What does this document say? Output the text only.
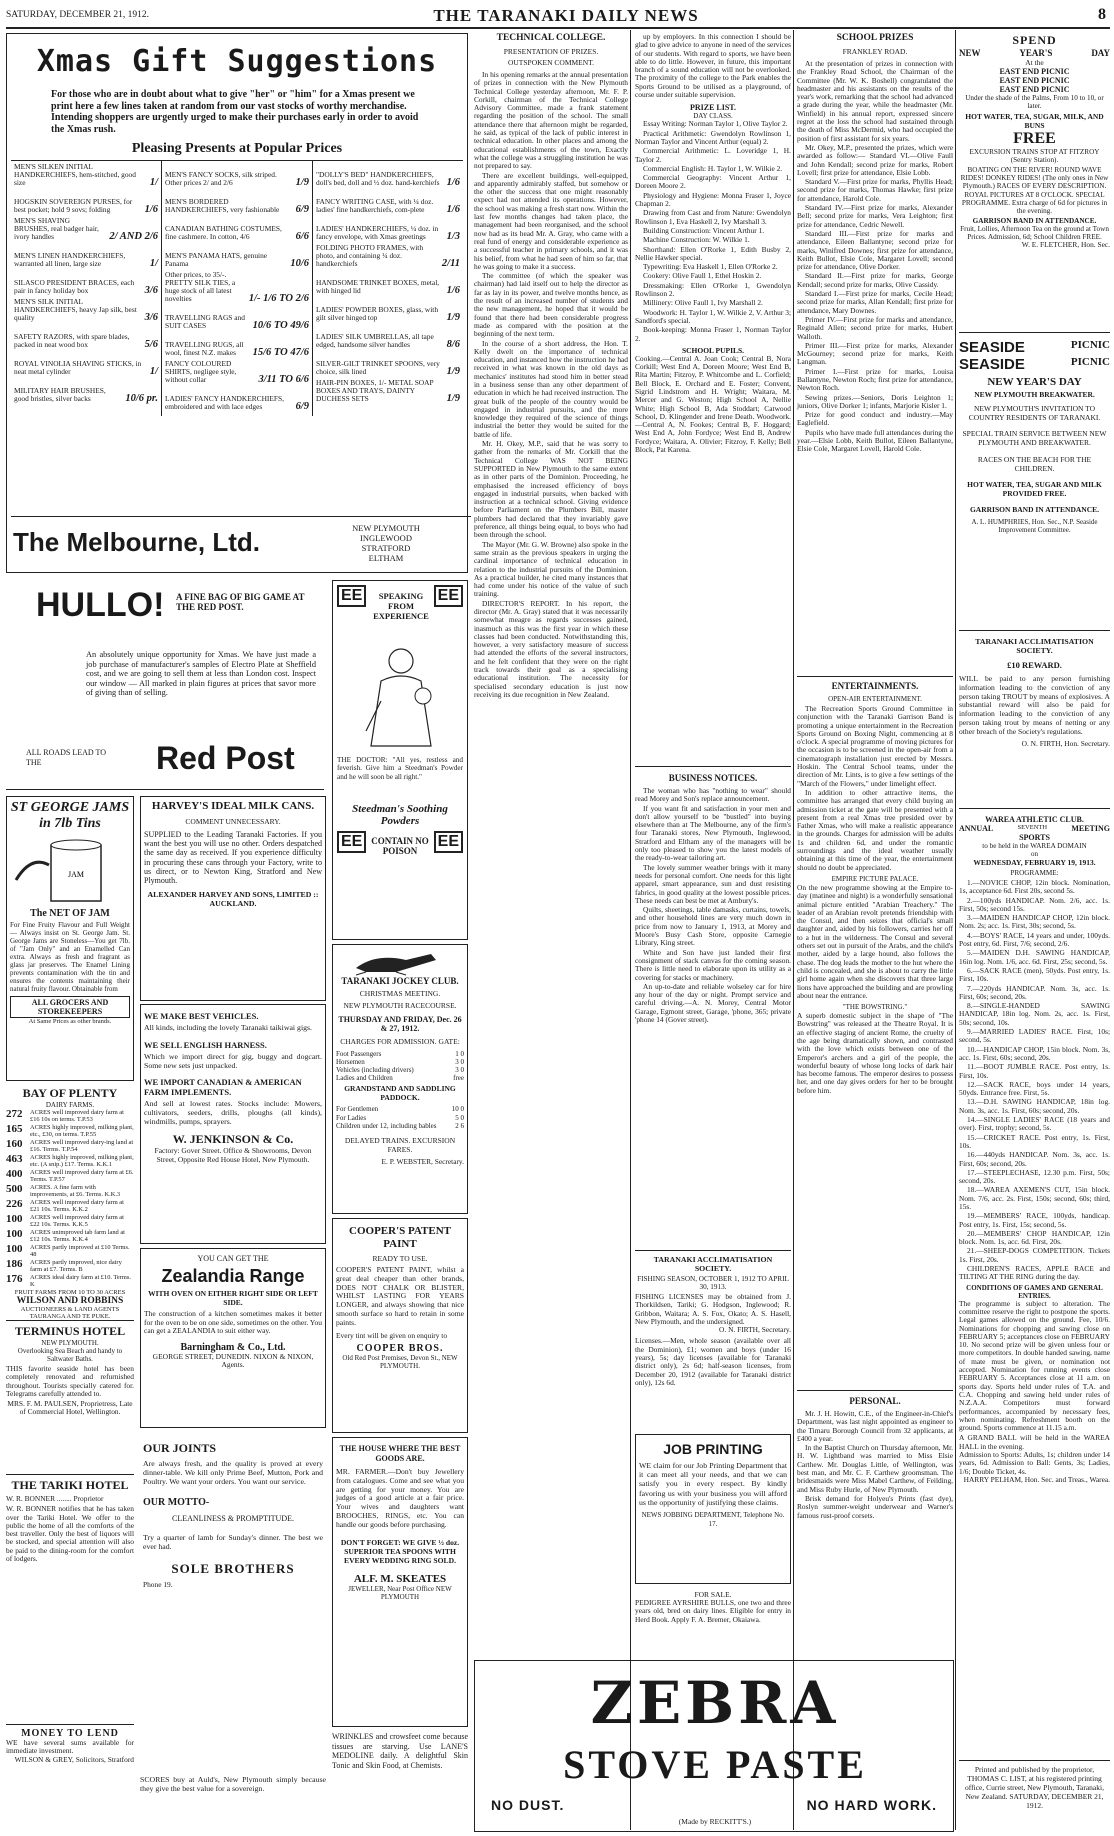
SATURDAY, DECEMBER 21, 1912.	THE TARANAKI DAILY NEWS	8
Xmas Gift Suggestions
For those who are in doubt about what to give "her" or "him" for a Xmas present we print here a few lines taken at random from our vast stocks of worthy merchandise. Intending shoppers are urgently urged to make their purchases early in order to avoid the Xmas rush.
Pleasing Presents at Popular Prices
MEN'S SILKEN INITIAL HANDKERCHIEFS, hem-stitched, good size	1/
HOGSKIN SOVEREIGN PURSES, for best pocket; hold 9 sovs; folding	1/6
MEN'S SHAVING BRUSHES, real badger hair, ivory handles	2/ AND 2/6
MEN'S LINEN HANDKERCHIEFS, warranted all linen, large size	1/
SILASCO PRESIDENT BRACES, each pair in fancy holiday box	3/6
MEN'S SILK INITIAL HANDKERCHIEFS, heavy Jap silk, best quality	3/6
SAFETY RAZORS, with spare blades, packed in neat wood box	5/6
ROYAL VINOLIA SHAVING STICKS, in neat metal cylinder	1/
MILITARY HAIR BRUSHES, good bristles, silver backs	10/6 pr.
MEN'S FANCY SOCKS, silk striped. Other prices 2/ and 2/6	1/9
MEN'S BORDERED HANDKERCHIEFS, very fashionable	6/9
CANADIAN BATHING COSTUMES, fine cashmere. In cotton, 4/6	6/6
MEN'S PANAMA HATS, genuine Panama	10/6
Other prices, to 35/-. PRETTY SILK TIES, a huge stock of all latest novelties	1/- 1/6 TO 2/6
TRAVELLING RAGS and SUIT CASES	10/6 TO 49/6
TRAVELLING RUGS, all wool, finest N.Z. makes	15/6 TO 47/6
FANCY COLOURED SHIRTS, negligee style, without collar	3/11 TO 6/6
LADIES' FANCY HANDKERCHIEFS, embroidered and with lace edges	6/9
"DOLLY'S BED" HANDKERCHIEFS, doll's bed, doll and ½ doz. hand-kerchiefs 1/6
FANCY WRITING CASE, with ¼ doz. ladies' fine handkerchiefs, com-plete	1/6
LADIES' HANDKERCHIEFS, ¼ doz. in fancy envelope, with Xmas greetings	1/3
FOLDING PHOTO FRAMES, with photo, and containing ¼ doz. handkerchiefs	2/11
HANDSOME TRINKET BOXES, metal, with hinged lid	1/6
LADIES' POWDER BOXES, glass, with gilt silver hinged top	1/9
LADIES' SILK UMBRELLAS, all tape edged, handsome silver handles	8/6
SILVER-GILT TRINKET SPOONS, very choice, silk lined	1/9
HAIR-PIN BOXES, 1/- METAL SOAP BOXES AND TRAYS, DAINTY DUCHESS SETS	1/9
The Melbourne, Ltd.	NEW PLYMOUTH
INGLEWOOD
STRATFORD
ELTHAM
HULLO! A FINE BAG OF BIG GAME AT THE RED POST.
An absolutely unique opportunity for Xmas. We have just made a job purchase of manufacturer's samples of Electro Plate at Sheffield cost, and we are going to sell them at less than London cost. Inspect our window — All marked in plain figures at prices that savor more of giving than of selling.
ALL ROADS LEAD TO THE	Red Post
ST GEORGE JAMS in 7lb Tins
JAM
The NET OF JAM
For Fine Fruity Flavour and Full Weight — Always insist on St. George Jam. St. George Jams are Stoneless—You get 7lb. of "Jam Only" and an Enamelled Can extra. Always as fresh and fragrant as glass jar preserves. The Enamel Lining prevents contamination with the tin and ensures the contents maintaining their natural fruity flavour. Obtainable from
ALL GROCERS AND STOREKEEPERS
At Same Prices as other brands.
BAY OF PLENTY
DAIRY FARMS.
272	ACRES well improved dairy farm at £16 10s on terms. T.P.53
165	ACRES highly improved, milking plant, etc., £30, on terms. T.P.55
160	ACRES well improved dairy-ing land at £16. Terms. T.P.54
463	ACRES highly improved, milking plant, etc. (A snip.) £17. Terms. K.K.1
400	ACRES well improved dairy farm at £6. Terms. T.P.57
500	ACRES. A fine farm with improvements, at £6. Terms. K.K.3
226	ACRES well improved dairy farm at £21 10s. Terms. K.K.2
100	ACRES well improved dairy farm at £22 10s. Terms. K.K.5
100	ACRES unimproved tab farm land at £12 10s. Terms. K.K.4
100	ACRES partly improved at £10 Terms. 48
186	ACRES partly improved, nice dairy farm at £7. Terms. B
176	ACRES ideal dairy farm at £10. Terms. K
FRUIT FARMS FROM 10 TO 30 ACRES
WILSON AND ROBBINS
AUCTIONEERS & LAND AGENTS TAURANGA AND TE PUKE.
TERMINUS HOTEL
NEW PLYMOUTH.
Overlooking Sea Beach and handy to Saltwater Baths.
THIS favorite seaside hotel has been completely renovated and refurnished throughout. Tourists specially catered for. Telegrams carefully attended to.
MRS. F. M. PAULSEN, Proprietress, Late of Commercial Hotel, Wellington.
THE TARIKI HOTEL
W. R. BONNER ........ Proprietor
W. R. BONNER notifies that he has taken over the Tariki Hotel. We offer to the public the home of all the comforts of the best traveller. Only the best of liquors will be stocked, and special attention will also be paid to the dining-room for the comfort of lodgers.
MONEY TO LEND
WE have several sums available for immediate investment.
WILSON & GREY, Solicitors, Stratford
HARVEY'S IDEAL MILK CANS.
COMMENT UNNECESSARY.
SUPPLIED to the Leading Taranaki Factories. If you want the best you will use no other. Orders despatched the same day as received. If you experience difficulty in procuring these cans through your Factory, write to us direct, or to Newton King, Stratford and New Plymouth.
ALEXANDER HARVEY AND SONS, LIMITED :: AUCKLAND.
WE MAKE BEST VEHICLES.
All kinds, including the lovely Taranaki taikiwai gigs.
WE SELL ENGLISH HARNESS.
Which we import direct for gig, buggy and dogcart. Some new sets just unpacked.
WE IMPORT CANADIAN & AMERICAN FARM IMPLEMENTS.
And sell at lowest rates. Stocks include: Mowers, cultivators, seeders, drills, ploughs (all kinds), windmills, pumps, sprayers.
W. JENKINSON & Co.
Factory: Gover Street. Office & Showrooms, Devon Street, Opposite Red House Hotel, New Plymouth.
YOU CAN GET THE
Zealandia Range
WITH OVEN ON EITHER RIGHT SIDE OR LEFT SIDE.
The construction of a kitchen sometimes makes it better for the oven to be on one side, sometimes on the other. You can get a ZEALANDIA to suit either way.
Barningham & Co., Ltd.
GEORGE STREET, DUNEDIN. NIXON & NIXON, Agents.
OUR JOINTS
Are always fresh, and the quality is proved at every dinner-table. We kill only Prime Beef, Mutton, Pork and Poultry. We want your orders. You want our service.
OUR MOTTO-
CLEANLINESS & PROMPTITUDE.
Try a quarter of lamb for Sunday's dinner. The best we ever had.
SOLE BROTHERS
Phone 19.
SCORES buy at Auld's, New Plymouth simply because they give the best value for a sovereign.
EE	EE
SPEAKING FROM EXPERIENCE
THE DOCTOR: "All yes, restless and feverish. Give him a Steedman's Powder and he will soon be all right."
Steedman's Soothing Powders
CONTAIN NO POISON
EE	EE
TARANAKI JOCKEY CLUB.
CHRISTMAS MEETING.
NEW PLYMOUTH RACECOURSE.
THURSDAY AND FRIDAY, Dec. 26 & 27, 1912.
CHARGES FOR ADMISSION. GATE:
Foot Passengers	1 0
Horsemen	3 0
Vehicles (including drivers)	3 0
Ladies and Children	free
GRANDSTAND AND SADDLING PADDOCK.
For Gentlemen	10 0
For Ladies	5 0
Children under 12, including bables	2 6
DELAYED TRAINS. EXCURSION FARES.
E. P. WEBSTER, Secretary.
COOPER'S PATENT PAINT
READY TO USE.
COOPER'S PATENT PAINT, whilst a great deal cheaper than other brands, DOES NOT CHALK OR BLISTER, WHILST LASTING FOR YEARS LONGER, and always showing that nice smooth surface so hard to retain in some paints.
Every tint will be given on enquiry to
COOPER BROS.
Old Red Post Premises, Devon St., NEW PLYMOUTH.
THE HOUSE WHERE THE BEST GOODS ARE.
MR. FARMER.—Don't buy Jewellery from catalogues. Come and see what you are getting for your money. You are judges of a good article at a fair price. Your wives and daughters want BROOCHES, RINGS, etc. You can handle our goods before purchasing.
DON'T FORGET: WE GIVE ½ doz. SUPERIOR TEA SPOONS WITH EVERY WEDDING RING SOLD.
ALF. M. SKEATES
JEWELLER, Near Post Office NEW PLYMOUTH
WRINKLES and crowsfeet come because tissues are starving. Use LANE'S MEDOLINE daily. A delightful Skin Tonic and Skin Food, at Chemists.
TECHNICAL COLLEGE.
PRESENTATION OF PRIZES.
OUTSPOKEN COMMENT.

In his opening remarks at the annual presentation of prizes in connection with the New Plymouth Technical College yesterday afternoon, Mr. F. P. Corkill, chairman of the Technical College Advisory Committee, made a frank statement regarding the position of the school. The small attendance there that afternoon might be regarded, he said, as typical of the lack of public interest in technical education. In other places and among the educational establishments of the town, Exactly what the college was a struggling institution he was not prepared to say.

There are excellent buildings, well-equipped, and apparently admirably staffed, but somehow or the other the success that one might reasonably expect had not attended its operations. However, the school was making a fresh start now. Within the last few months changes had taken place, the management had been reorganised, and the school now had as its head Mr. A. Gray, who came with a real fund of energy and considerable experience as a successful teacher in primary schools, and it was his belief, from what he had seen of him so far, that he was going to make it a success.

The committee (of which the speaker was chairman) had laid itself out to help the director as far as lay in its power, and twelve months hence, as the result of an increased number of students and the new management, he hoped that it would be found that there had been considerable progress made as compared with the position at the beginning of the next term.

In the course of a short address, the Hon. T. Kelly dwelt on the importance of technical education, and instanced how the instruction he had received in what was known in the old days as mechanics' institutes had stood him in better stead in a business sense than any other department of education in which he had received instruction. The great bulk of the people of the country would be engaged in industrial pursuits, and the more knowledge they required of the science of things industrial the better they would be suited for the battle of life.

Mr. H. Okey, M.P., said that he was sorry to gather from the remarks of Mr. Corkill that the Technical College WAS NOT BEING SUPPORTED in New Plymouth to the same extent as in other parts of the Dominion. Proceeding, he emphasised the increased efficiency of boys engaged in industrial pursuits, when backed with instruction at a technical school. Giving evidence before Parliament on the Plumbers Bill, master plumbers had declared that they invariably gave preference, all things being equal, to boys who had been through the school.

The Mayor (Mr. G. W. Browne) also spoke in the same strain as the previous speakers in urging the cardinal importance of technical education in relation to the industrial pursuits of the Dominion. As a practical builder, he cited many instances that had come under his notice of the value of such training.

DIRECTOR'S REPORT. In his report, the director (Mr. A. Gray) stated that it was necessarily somewhat meagre as regards successes gained, inasmuch as this was the first year in which these classes had been conducted. Notwithstanding this, however, a very satisfactory measure of success had attended the efforts of the several instructors, and he felt confident that they were on the right track towards their goal as a specialising educational institution. The necessity for specialised secondary education is just now receiving its due recognition in New Zealand.

up by employers. In this connection I should be glad to give advice to anyone in need of the services of our students. With regard to sports, we have been able to do little. However, in future, this important branch of a sound education will not be overlooked. The proximity of the college to the Park enables the Sports Ground to be utilised as a playground, of course under suitable supervision.

PRIZE LIST.
DAY CLASS.

Essay Writing: Norman Taylor 1, Olive Taylor 2.

Practical Arithmetic: Gwendolyn Rowlinson 1, Norman Taylor and Vincent Arthur (equal) 2.

Commercial Arithmetic: L. Loveridge 1, H. Taylor 2.

Commercial English: H. Taylor 1, W. Wilkie 2.

Commercial Geography: Vincent Arthur 1, Doreen Moore 2.

Physiology and Hygiene: Monna Fraser 1, Joyce Chapman 2.

Drawing from Cast and from Nature: Gwendolyn Rowlinson 1, Eva Haskell 2, Ivy Marshall 3.

Building Construction: Vincent Arthur 1.

Machine Construction: W. Wilkie 1.

Shorthand: Ellen O'Rorke 1, Edith Busby 2, Nellie Hawker special.

Typewriting: Eva Haskell 1, Ellen O'Rorke 2.

Cookery: Olive Faull 1, Ethel Hoskin 2.

Dressmaking: Ellen O'Rorke 1, Gwendolyn Rowlinson 2.

Millinery: Olive Faull 1, Ivy Marshall 2.

Woodwork: H. Taylor 1, W. Wilkie 2, V. Arthur 3; Sandford's special.

Book-keeping: Monna Fraser 1, Norman Taylor 2.

SCHOOL PUPILS.
Cooking.—Central A. Joan Cook; Central B, Nora Corkill; West End A, Doreen Moore; West End B, Rita Martin; Fitzroy, P. Whitcombe and L. Corfield; Bell Block, E. Orchard and E. Foster; Convent, Sigrid Lindstrom and H. Wright; Waitara, M. Mercer and G. Weston; High School A, Nellie White; High School B, Ada Stoddart; Catwood School, D. Klingender and Irene Death. Woodwork.—Central A, N. Fookes; Central B, F. Hoggard; West End A, John Fordyce; West End B, Andrew Fordyce; Waitara, A. Olivier; Fitzroy, F. Kelly; Bell Block, Pat Karena.
BUSINESS NOTICES.

The woman who has "nothing to wear" should read Morey and Son's replace announcement.

If you want fit and satisfaction in your men and don't allow yourself to be "bustled" into buying elsewhere than at The Melbourne, any of the firm's four Taranaki stores, New Plymouth, Inglewood, Stratford and Eltham any of the managers will be only too pleased to show you the latest models of the ready-to-wear tailoring art.

The lovely summer weather brings with it many needs for personal comfort. One needs for this light apparel, smart appearance, sun and dust resisting fabrics, in good quality at the lowest possible prices. These needs can best be met at Ambury's.

Quilts, sheetings, table damasks, curtains, towels, and other household lines are very much down in price from now to January 1, 1913, at Morey and Moore's Busy Cash Store, opposite Carnegie Library, King street.

White and Son have just landed their first consignment of stack canvas for the coming season. There is little need to elaborate upon its utility as a covering for stacks or machinery.

An up-to-date and reliable wolseley car for hire any hour of the day or night. Prompt service and careful driving.—A. N. Morey, Central Motor Garage, Egmont street, Garage, 'phone, 365; private 'phone 14 (Gover street).

TARANAKI ACCLIMATISATION SOCIETY.
FISHING SEASON, OCTOBER 1, 1912 TO APRIL 30, 1913.
FISHING LICENSES may be obtained from J. Thorkildsen, Tariki; G. Hodgson, Inglewood; R. Gribbon, Waitara; A. S. Fox, Okato; A. S. Hasell, New Plymouth, and the undersigned.
O. N. FIRTH, Secretary.
Licenses.—Men, whole season (available over all the Dominion), £1; women and boys (under 16 years), 5s; day licenses (available for Taranaki district only), 2s 6d; half-season licenses, from December 20, 1912 (available for Taranaki district only), 12s 6d.
JOB PRINTING
WE claim for our Job Printing Department that it can meet all your needs, and that we can satisfy you in every respect. By kindly favoring us with your business you will afford us the opportunity of justifying these claims.
NEWS JOBBING DEPARTMENT, Telephone No. 17.
FOR SALE.
PEDIGREE AYRSHIRE BULLS, one two and three years old, bred on dairy lines. Eligible for entry in Herd Book. Apply F. A. Bremer, Okaiawa.
ZEBRA
STOVE PASTE
NO DUST.	NO HARD WORK.
(Made by RECKITT'S.)
SCHOOL PRIZES
FRANKLEY ROAD.

At the presentation of prizes in connection with the Frankley Road School, the Chairman of the Committee (Mr. W. K. Boshell) congratulated the headmaster and his assistants on the results of the year's work, remarking that the school had advanced a grade during the year, while the headmaster (Mr. Winfield) in his annual report, expressed sincere regret at the loss the school had sustained through the death of Miss McDermid, who had occupied the position of first assistant for six years.

Mr. Okey, M.P., presented the prizes, which were awarded as follow:— Standard VI.—Olive Faull and John Kendall; second prize for marks, Robert Lovell; first prize for attendance, Elsie Lobb.

Standard V.—First prize for marks, Phyllis Head; second prize for marks, Thomas Hawke; first prize for attendance, Harold Cole.

Standard IV.—First prize for marks, Alexander Bell; second prize for marks, Vera Leighton; first prize for attendance, Cedric Newell.

Standard III.—First prize for marks and attendance, Eileen Ballantyne; second prize for marks, Winifred Downes; first prize for attendance, Keith Bullot, Elsie Cole, Margaret Lovell; second prize for attendance, Olive Dorker.

Standard II.—First prize for marks, George Kendall; second prize for marks, Olive Cassidy.

Standard I.—First prize for marks, Cecile Head; second prize for marks, Allan Kendall; first prize for attendance, Mary Downes.

Primer IV.—First prize for marks and attendance, Reginald Allen; second prize for marks, Hubert Walloth.

Primer III.—First prize for marks, Alexander McGourney; second prize for marks, Keith Langman.

Primer I.—First prize for marks, Louisa Ballantyne, Newton Roch; first prize for attendance, Newton Roch.

Sewing prizes.—Seniors, Doris Leighton 1; juniors, Olive Dorker 1; infants, Marjorie Kisler 1.

Prize for good conduct and industry.—May Eaglefield.

Pupils who have made full attendances during the year.—Elsie Lobb, Keith Bullot, Eileen Ballantyne, Elsie Cole, Margaret Lovell, Harold Cole.

ENTERTAINMENTS.
OPEN-AIR ENTERTAINMENT.

The Recreation Sports Ground Committee in conjunction with the Taranaki Garrison Band is promoting a unique entertainment in the Recreation Sports Ground on Boxing Night, commencing at 8 o'clock. A special programme of moving pictures for the occasion is to be screened in the open-air from a cinematograph installation just erected by Messrs. Hoskin. The Central School teams, under the direction of Mr. Lints, is to give a few settings of the "March of the Flowers," under limelight effect.

In addition to other attractive items, the committee has arranged that every child buying an admission ticket at the gate will be presented with a present from a real Xmas tree presided over by Father Xmas, who will make a realistic appearance in the grounds. Charges for admission will be adults 1s and children 6d, and under the romantic surroundings and the ideal weather usually obtaining at this time of the year, the entertainment should no doubt be appreciated.

EMPIRE PICTURE PALACE.
On the new programme showing at the Empire to-day (matinee and night) is a wonderfully sensational animal picture entitled "Arabian Treachery." The leader of an Arabian revolt pretends friendship with the Consul, and then seizes that official's small daughter and, aided by his followers, carries her off to a hut in the wilderness. The Consul and several others set out in pursuit of the Arabs, and the child's mother, aided by a large hound, also follows the chase. The dog leads the mother to the hut where the child is concealed, and she is about to carry the little girl home again when she discovers that three large lions have approached the building and are prowling about near the entrance.
"THE BOWSTRING."
A superb domestic subject in the shape of "The Bowstring" was released at the Theatre Royal. It is an effective staging of ancient Rome, the cruelty of the age being dramatically shown, and contrasted with the love which exists between one of the Emperor's archers and a girl of the people, the wonderful beauty of whose long locks of dark hair has become famous. The emperor desires to possess her, and one day gives orders for her to be brought before him.
PERSONAL.

Mr. J. H. Howitt, C.E., of the Engineer-in-Chief's Department, was last night appointed as engineer to the Timaru Borough Council from 32 applicants, at £400 a year.

In the Baptist Church on Thursday afternoon, Mr. H. W. Lightband was married to Miss Elsie Carthew. Mr. Douglas Little, of Wellington, was best man, and Mr. C. F. Carthew groomsman. The bridesmaids were Miss Mabel Carthew, of Feilding, and Miss Ruby Hurle, of New Plymouth.

Brisk demand for Holyeu's Prints (fast dye), Roslyn summer-weight underwear and Warner's famous rust-proof corsets.

SPEND
NEW	YEAR'S	DAY
At the
EAST END PICNIC
EAST END PICNIC
EAST END PICNIC
Under the shade of the Palms, From 10 to 10, or later.
HOT WATER, TEA, SUGAR, MILK, AND BUNS
FREE
EXCURSION TRAINS STOP AT FITZROY (Sentry Station).
BOATING ON THE RIVER! ROUND WAVE RIDES! DONKEY RIDES! (The only ones in New Plymouth.) RACES OF EVERY DESCRIPTION. ROYAL PICTURES AT 8 O'CLOCK. SPECIAL PROGRAMME. Extra charge of 6d for pictures in the evening.
GARRISON BAND IN ATTENDANCE.
Fruit, Lollies, Afternoon Tea on the ground at Town Prices. Admission, 6d; School Children FREE.
W. E. FLETCHER, Hon. Sec.
SEASIDE	PICNIC
SEASIDE	PICNIC
NEW YEAR'S DAY
NEW PLYMOUTH BREAKWATER.
NEW PLYMOUTH'S INVITATION TO COUNTRY RESIDENTS OF TARANAKI.
SPECIAL TRAIN SERVICE BETWEEN NEW PLYMOUTH AND BREAKWATER.
RACES ON THE BEACH FOR THE CHILDREN.
HOT WATER, TEA, SUGAR AND MILK PROVIDED FREE.
GARRISON BAND IN ATTENDANCE.
A. L. HUMPHRIES, Hon. Sec., N.P. Seaside Improvement Committee.
TARANAKI ACCLIMATISATION SOCIETY.
£10 REWARD.
WILL be paid to any person furnishing information leading to the conviction of any person taking TROUT by means of explosives. A substantial reward will also be paid for information leading to the conviction of any person taking trout by means of netting or any other breach of the Society's regulations.
O. N. FIRTH, Hon. Secretary.
WAREA ATHLETIC CLUB.
ANNUAL	SEVENTH	MEETING
SPORTS
to be held in the WAREA DOMAIN
on
WEDNESDAY, FEBRUARY 19, 1913.
PROGRAMME:

1.—NOVICE CHOP, 12in block. Nomination, 1s, acceptance 6d. First 20s, second 5s.

2.—100yds HANDICAP. Nom. 2/6, acc. 1s. First, 50s; second 15s.

3.—MAIDEN HANDICAP CHOP, 12in block. Nom. 2s; acc. 1s. First, 30s; second, 5s.

4.—BOYS' RACE, 14 years and under, 100yds. Post entry, 6d. First, 7/6; second, 2/6.

5.—MAIDEN D.H. SAWING HANDICAP, 16in log. Nom. 1/6, acc. 6d. First, 25s; second, 5s.

6.—SACK RACE (men), 50yds. Post entry, 1s. First, 10s.

7.—220yds HANDICAP. Nom. 3s, acc. 1s. First, 60s; second, 20s.

8.—SINGLE-HANDED SAWING HANDICAP, 18in log. Nom. 2s, acc. 1s. First, 50s; second, 10s.

9.—MARRIED LADIES' RACE. First, 10s; second, 5s.

10.—HANDICAP CHOP, 15in block. Nom. 3s, acc. 1s. First, 60s; second, 20s.

11.—BOOT JUMBLE RACE. Post entry, 1s. First, 10s.

12.—SACK RACE, boys under 14 years, 50yds. Entrance free. First, 5s.

13.—D.H. SAWING HANDICAP, 18in log. Nom. 3s, acc. 1s. First, 60s; second, 20s.

14.—SINGLE LADIES' RACE (18 years and over). First, trophy; second, 5s.

15.—CRICKET RACE. Post entry, 1s. First, 10s.

16.—440yds HANDICAP. Nom. 3s, acc. 1s. First, 60s; second, 20s.

17.—STEEPLECHASE, 12.30 p.m. First, 50s; second, 20s.

18.—WAREA AXEMEN'S CUT, 15in block. Nom. 7/6, acc. 2s. First, 150s; second, 60s; third, 15s.

19.—MEMBERS' RACE, 100yds, handicap. Post entry, 1s. First, 15s; second, 5s.

20.—MEMBERS' CHOP HANDICAP, 12in block. Nom. 1s, acc. 6d. First, 20s.

21.—SHEEP-DOGS COMPETITION. Tickets 1s. First, 20s.

CHILDREN'S RACES, APPLE RACE and TILTING AT THE RING during the day.

CONDITIONS OF GAMES AND GENERAL ENTRIES.
The programme is subject to alteration. The committee reserve the right to postpone the sports. Legal games allowed on the ground. Fee, 10/6. Nominations for chopping and sawing close on FEBRUARY 5; acceptances close on FEBRUARY 10. No second prize will be given unless four or more competitors. In double handed sawing, name of mate must be given, or nomination not accepted. Nomination for running events close FEBRUARY 5. Acceptances close at 11 a.m. on sports day. Sports held under rules of T.A. and C.A. Chopping and sawing held under rules of N.Z.A.A. Competitors must forward performances, accompanied by necessary fees, when nominating. Refreshment booth on the ground. Sports commence at 11.15 a.m.
A GRAND BALL will be held in the WAREA HALL in the evening.
Admission to Sports: Adults, 1s; children under 14 years, 6d. Admission to Ball: Gents, 3s; Ladies, 1/6; Double Ticket, 4s.
HARRY PELHAM, Hon. Sec. and Treas., Warea.
Printed and published by the proprietor, THOMAS C. LIST, at his registered printing office, Currie street, New Plymouth, Taranaki, New Zealand. SATURDAY, DECEMBER 21, 1912.
